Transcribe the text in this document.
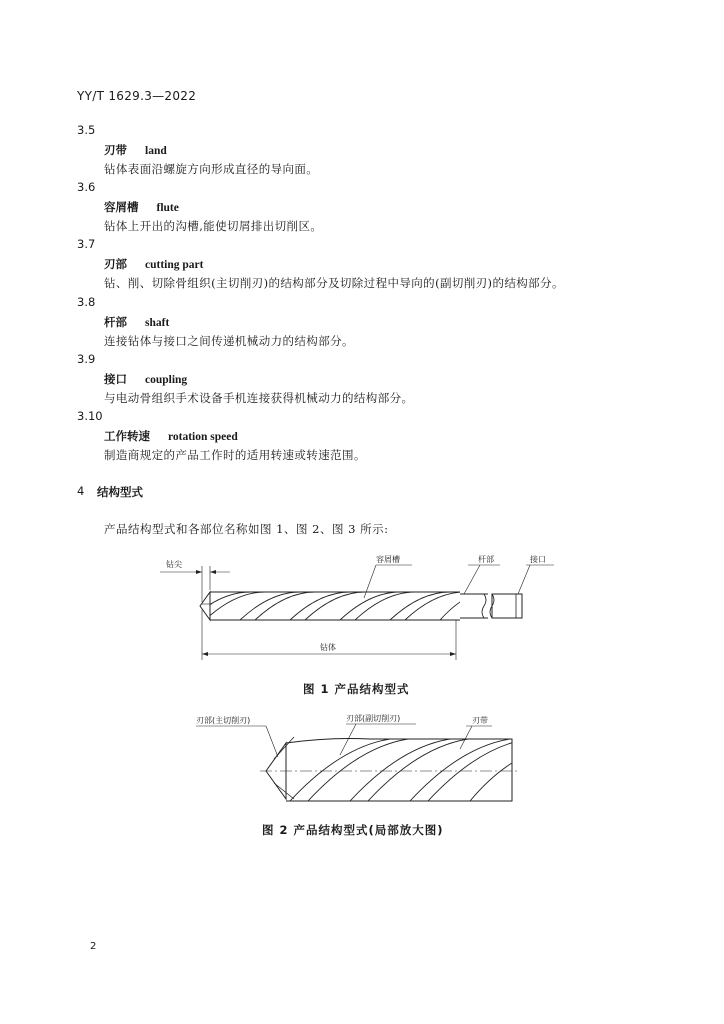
YY/T 1629.3—2022
3.5
刃带 land
钻体表面沿螺旋方向形成直径的导向面。
3.6
容屑槽 flute
钻体上开出的沟槽,能使切屑排出切削区。
3.7
刃部 cutting part
钻、削、切除骨组织(主切削刃)的结构部分及切除过程中导向的(副切削刃)的结构部分。
3.8
杆部 shaft
连接钻体与接口之间传递机械动力的结构部分。
3.9
接口 coupling
与电动骨组织手术设备手机连接获得机械动力的结构部分。
3.10
工作转速 rotation speed
制造商规定的产品工作时的适用转速或转速范围。
4 结构型式
产品结构型式和各部位名称如图 1、图 2、图 3 所示:
钻尖
容屑槽	杆部	接口
钻体
图 1 产品结构型式
刃部(主切削刃)	刃部(副切削刃)	刃带
图 2 产品结构型式(局部放大图)
2
